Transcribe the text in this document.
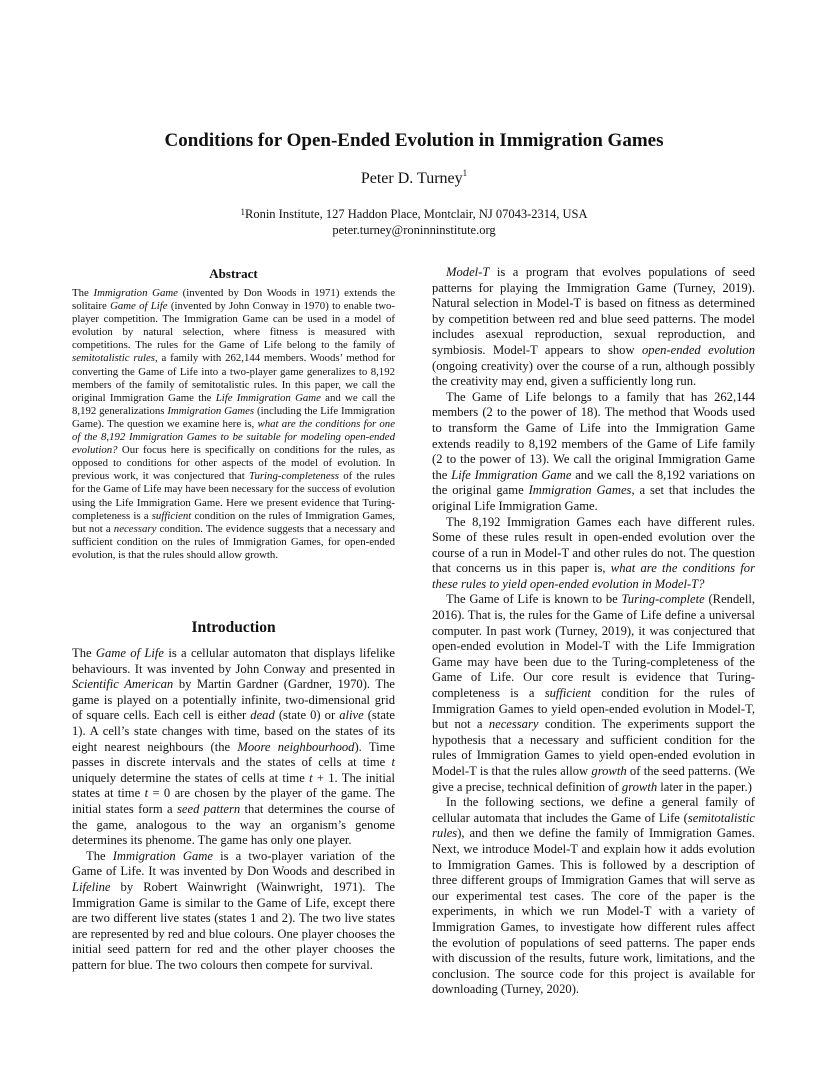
Conditions for Open-Ended Evolution in Immigration Games
Peter D. Turney$^1$
$^1$Ronin Institute, 127 Haddon Place, Montclair, NJ 07043-2314, USA
peter.turney@roninninstitute.org
Abstract

The Immigration Game (invented by Don Woods in 1971) extends the solitaire Game of Life (invented by John Conway in 1970) to enable two-player competition. The Immigration Game can be used in a model of evolution by natural selection, where fitness is measured with competitions. The rules for the Game of Life belong to the family of semitotalistic rules, a family with 262,144 members. Woods’ method for converting the Game of Life into a two-player game generalizes to 8,192 members of the family of semitotalistic rules. In this paper, we call the original Immigration Game the Life Immigration Game and we call the 8,192 generalizations Immigration Games (including the Life Immigration Game). The question we examine here is, what are the conditions for one of the 8,192 Immigration Games to be suitable for modeling open-ended evolution? Our focus here is specifically on conditions for the rules, as opposed to conditions for other aspects of the model of evolution. In previous work, it was conjectured that Turing-completeness of the rules for the Game of Life may have been necessary for the success of evolution using the Life Immigration Game. Here we present evidence that Turing-completeness is a sufficient condition on the rules of Immigration Games, but not a necessary condition. The evidence suggests that a necessary and sufficient condition on the rules of Immigration Games, for open-ended evolution, is that the rules should allow growth.

Introduction

The Game of Life is a cellular automaton that displays lifelike behaviours. It was invented by John Conway and presented in Scientific American by Martin Gardner (Gardner, 1970). The game is played on a potentially infinite, two-dimensional grid of square cells. Each cell is either dead (state 0) or alive (state 1). A cell’s state changes with time, based on the states of its eight nearest neighbours (the Moore neighbourhood). Time passes in discrete intervals and the states of cells at time t uniquely determine the states of cells at time t + 1. The initial states at time t = 0 are chosen by the player of the game. The initial states form a seed pattern that determines the course of the game, analogous to the way an organism’s genome determines its phenome. The game has only one player.

The Immigration Game is a two-player variation of the Game of Life. It was invented by Don Woods and described in Lifeline by Robert Wainwright (Wainwright, 1971). The Immigration Game is similar to the Game of Life, except there are two different live states (states 1 and 2). The two live states are represented by red and blue colours. One player chooses the initial seed pattern for red and the other player chooses the pattern for blue. The two colours then compete for survival.

Model-T is a program that evolves populations of seed patterns for playing the Immigration Game (Turney, 2019). Natural selection in Model-T is based on fitness as determined by competition between red and blue seed patterns. The model includes asexual reproduction, sexual reproduction, and symbiosis. Model-T appears to show open-ended evolution (ongoing creativity) over the course of a run, although possibly the creativity may end, given a sufficiently long run.

The Game of Life belongs to a family that has 262,144 members (2 to the power of 18). The method that Woods used to transform the Game of Life into the Immigration Game extends readily to 8,192 members of the Game of Life family (2 to the power of 13). We call the original Immigration Game the Life Immigration Game and we call the 8,192 variations on the original game Immigration Games, a set that includes the original Life Immigration Game.

The 8,192 Immigration Games each have different rules. Some of these rules result in open-ended evolution over the course of a run in Model-T and other rules do not. The question that concerns us in this paper is, what are the conditions for these rules to yield open-ended evolution in Model-T?

The Game of Life is known to be Turing-complete (Rendell, 2016). That is, the rules for the Game of Life define a universal computer. In past work (Turney, 2019), it was conjectured that open-ended evolution in Model-T with the Life Immigration Game may have been due to the Turing-completeness of the Game of Life. Our core result is evidence that Turing-completeness is a sufficient condition for the rules of Immigration Games to yield open-ended evolution in Model-T, but not a necessary condition. The experiments support the hypothesis that a necessary and sufficient condition for the rules of Immigration Games to yield open-ended evolution in Model-T is that the rules allow growth of the seed patterns. (We give a precise, technical definition of growth later in the paper.)

In the following sections, we define a general family of cellular automata that includes the Game of Life (semitotalistic rules), and then we define the family of Immigration Games. Next, we introduce Model-T and explain how it adds evolution to Immigration Games. This is followed by a description of three different groups of Immigration Games that will serve as our experimental test cases. The core of the paper is the experiments, in which we run Model-T with a variety of Immigration Games, to investigate how different rules affect the evolution of populations of seed patterns. The paper ends with discussion of the results, future work, limitations, and the conclusion. The source code for this project is available for downloading (Turney, 2020).
